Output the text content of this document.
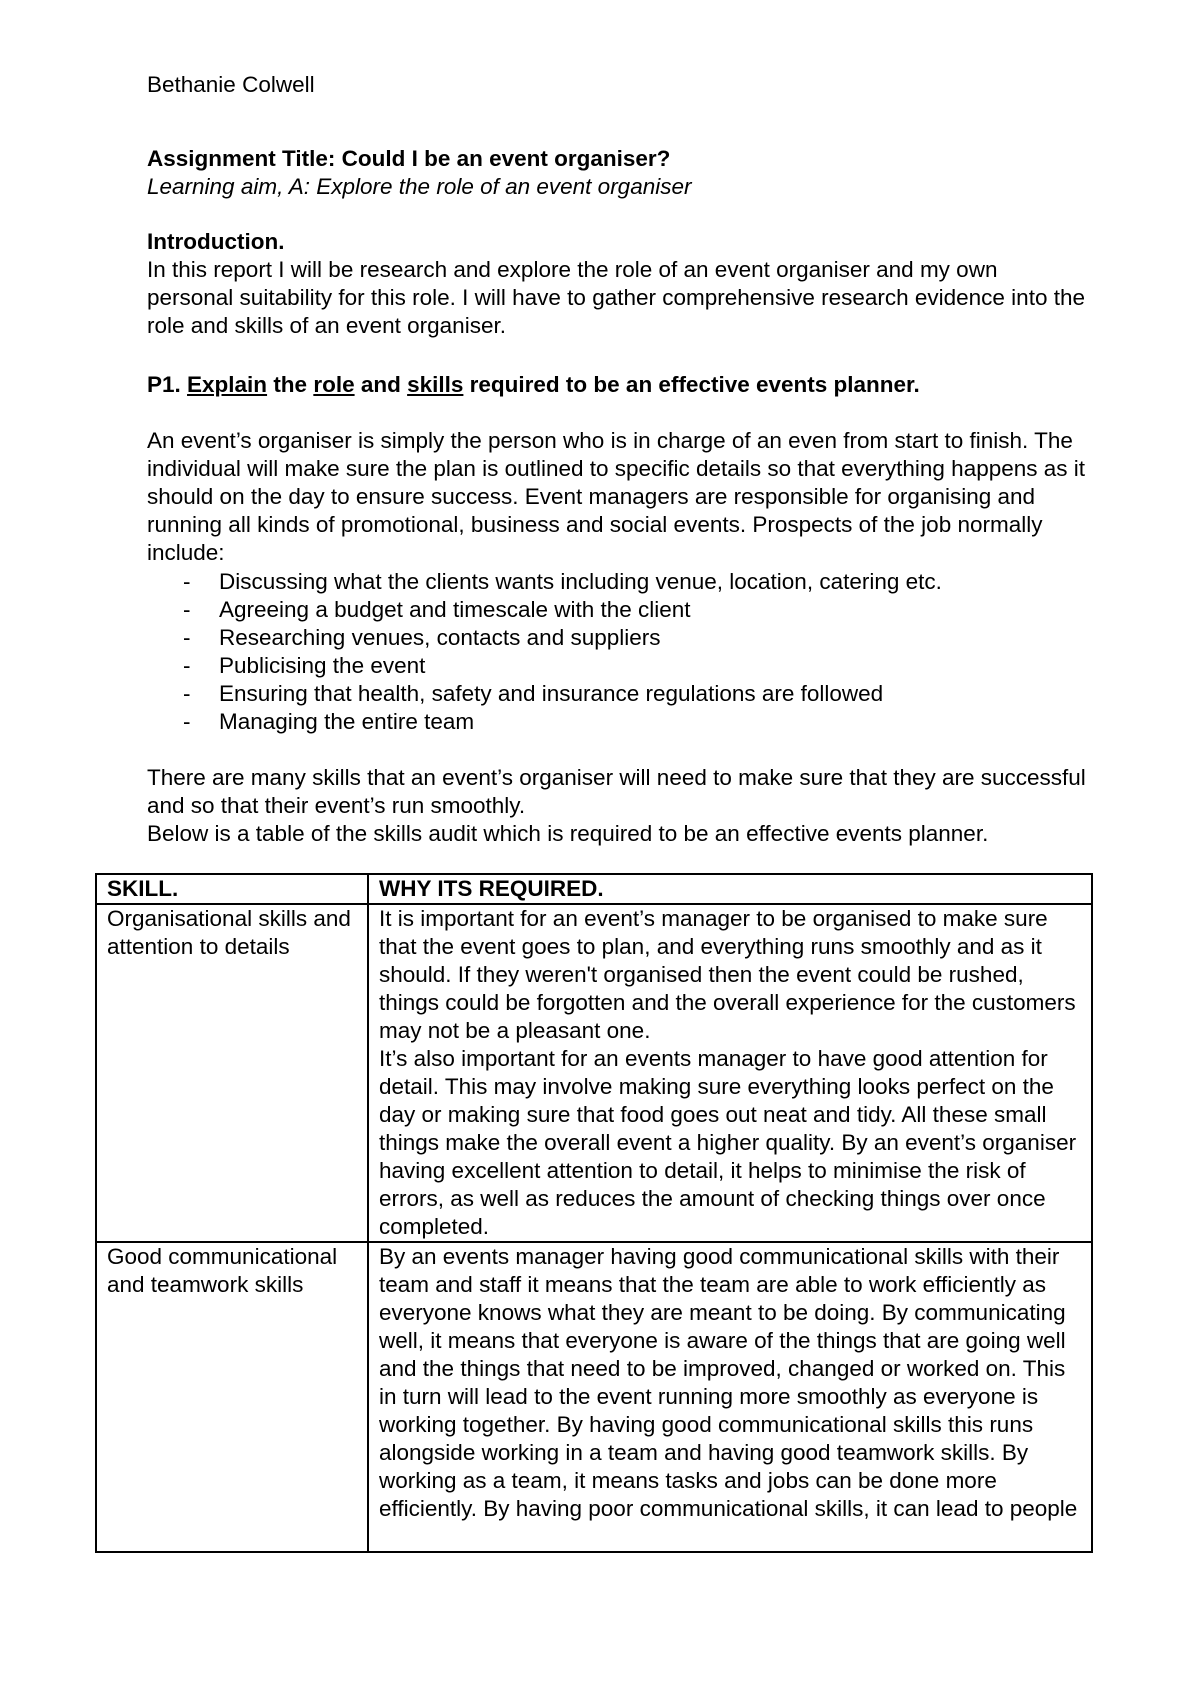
Bethanie Colwell
Assignment Title: Could I be an event organiser?
Learning aim, A: Explore the role of an event organiser
Introduction.
In this report I will be research and explore the role of an event organiser and my own personal suitability for this role. I will have to gather comprehensive research evidence into the role and skills of an event organiser.
P1. Explain the role and skills required to be an effective events planner.
An event’s organiser is simply the person who is in charge of an even from start to finish. The individual will make sure the plan is outlined to specific details so that everything happens as it should on the day to ensure success. Event managers are responsible for organising and running all kinds of promotional, business and social events. Prospects of the job normally include:
- Discussing what the clients wants including venue, location, catering etc.
- Agreeing a budget and timescale with the client
- Researching venues, contacts and suppliers
- Publicising the event
- Ensuring that health, safety and insurance regulations are followed
- Managing the entire team
There are many skills that an event’s organiser will need to make sure that they are successful and so that their event’s run smoothly.
Below is a table of the skills audit which is required to be an effective events planner.
SKILL.	WHY ITS REQUIRED.
Organisational skills and attention to details	It is important for an event’s manager to be organised to make sure that the event goes to plan, and everything runs smoothly and as it should. If they weren't organised then the event could be rushed, things could be forgotten and the overall experience for the customers may not be a pleasant one.
It’s also important for an events manager to have good attention for detail. This may involve making sure everything looks perfect on the day or making sure that food goes out neat and tidy. All these small things make the overall event a higher quality. By an event’s organiser having excellent attention to detail, it helps to minimise the risk of errors, as well as reduces the amount of checking things over once completed.

Good communicational and teamwork skills	By an events manager having good communicational skills with their team and staff it means that the team are able to work efficiently as everyone knows what they are meant to be doing. By communicating well, it means that everyone is aware of the things that are going well and the things that need to be improved, changed or worked on. This in turn will lead to the event running more smoothly as everyone is working together. By having good communicational skills this runs alongside working in a team and having good teamwork skills. By working as a team, it means tasks and jobs can be done more efficiently. By having poor communicational skills, it can lead to people
